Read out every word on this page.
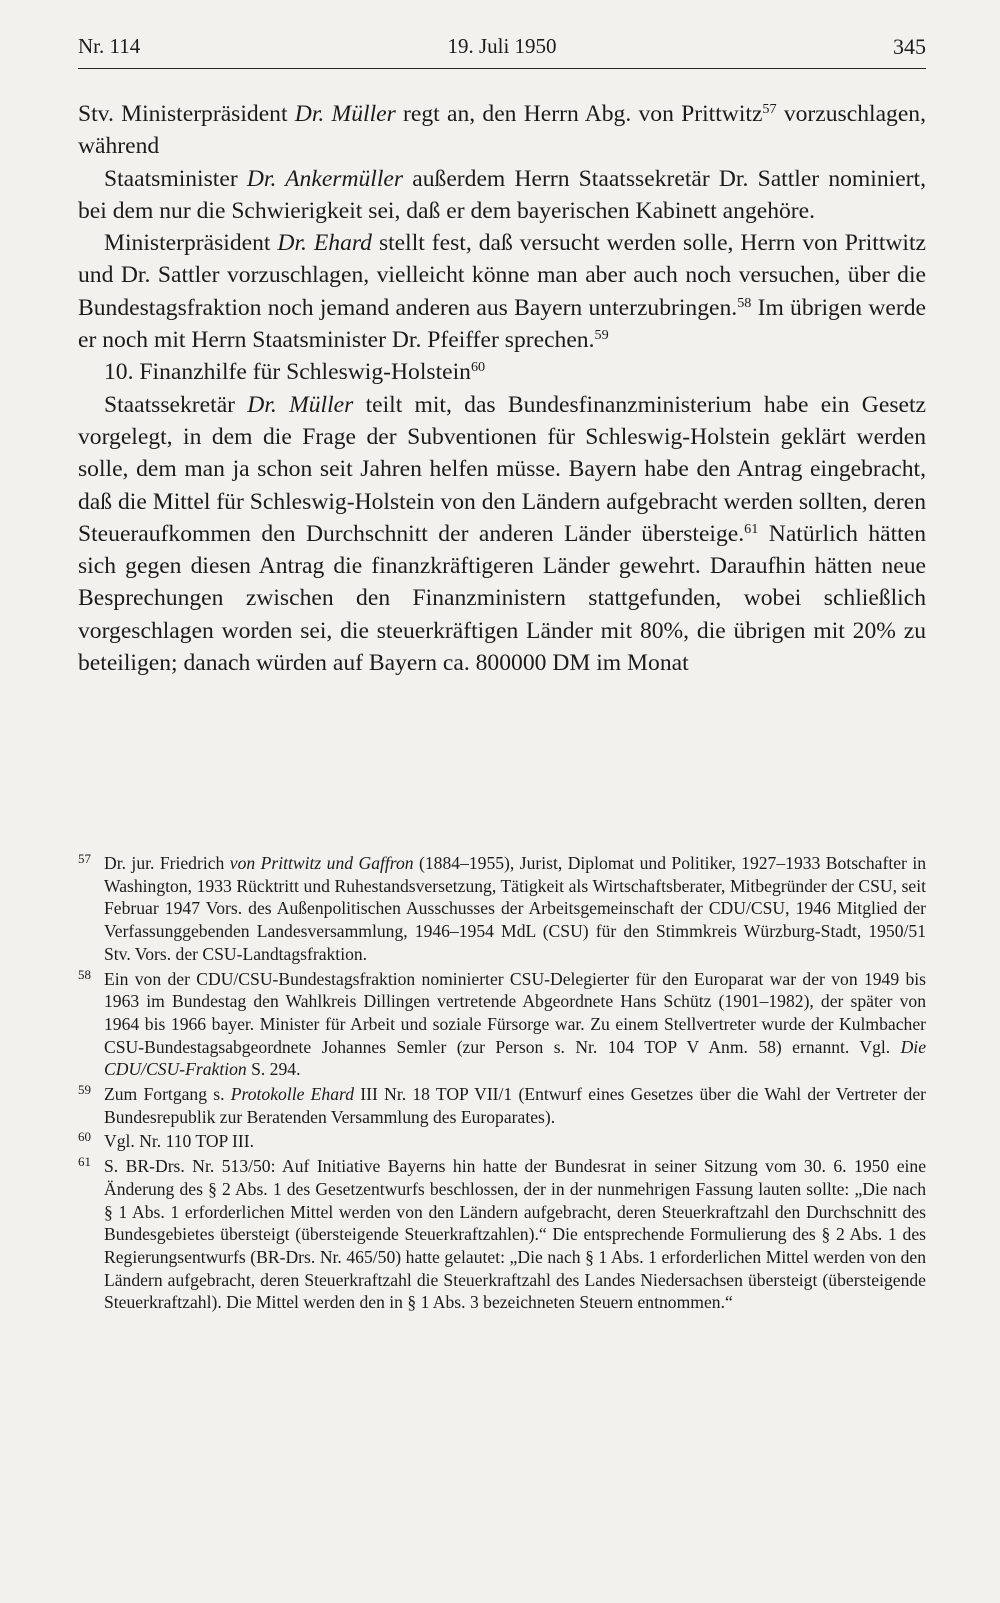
Nr. 114	19. Juli 1950	345

Stv. Ministerpräsident Dr. Müller regt an, den Herrn Abg. von Prittwitz$^{57}$ vorzuschlagen, während

Staatsminister Dr. Ankermüller außerdem Herrn Staatssekretär Dr. Sattler nominiert, bei dem nur die Schwierigkeit sei, daß er dem bayerischen Kabinett angehöre.

Ministerpräsident Dr. Ehard stellt fest, daß versucht werden solle, Herrn von Prittwitz und Dr. Sattler vorzuschlagen, vielleicht könne man aber auch noch versuchen, über die Bundestagsfraktion noch jemand anderen aus Bayern unterzubringen.$^{58}$ Im übrigen werde er noch mit Herrn Staatsminister Dr. Pfeiffer sprechen.$^{59}$

10. Finanzhilfe für Schleswig-Holstein$^{60}$

Staatssekretär Dr. Müller teilt mit, das Bundesfinanzministerium habe ein Gesetz vorgelegt, in dem die Frage der Subventionen für Schleswig-Holstein geklärt werden solle, dem man ja schon seit Jahren helfen müsse. Bayern habe den Antrag eingebracht, daß die Mittel für Schleswig-Holstein von den Ländern aufgebracht werden sollten, deren Steueraufkommen den Durchschnitt der anderen Länder übersteige.$^{61}$ Natürlich hätten sich gegen diesen Antrag die finanzkräftigeren Länder gewehrt. Daraufhin hätten neue Besprechungen zwischen den Finanzministern stattgefunden, wobei schließlich vorgeschlagen worden sei, die steuerkräftigen Länder mit 80%, die übrigen mit 20% zu beteiligen; danach würden auf Bayern ca. 800000 DM im Monat

57 Dr. jur. Friedrich von Prittwitz und Gaffron (1884–1955), Jurist, Diplomat und Politiker, 1927–1933 Botschafter in Washington, 1933 Rücktritt und Ruhestandsversetzung, Tätigkeit als Wirtschaftsberater, Mitbegründer der CSU, seit Februar 1947 Vors. des Außenpolitischen Ausschusses der Arbeitsgemeinschaft der CDU/CSU, 1946 Mitglied der Verfassunggebenden Landesversammlung, 1946–1954 MdL (CSU) für den Stimmkreis Würzburg-Stadt, 1950/51 Stv. Vors. der CSU-Landtagsfraktion.
58 Ein von der CDU/CSU-Bundestagsfraktion nominierter CSU-Delegierter für den Europarat war der von 1949 bis 1963 im Bundestag den Wahlkreis Dillingen vertretende Abgeordnete Hans Schütz (1901–1982), der später von 1964 bis 1966 bayer. Minister für Arbeit und soziale Fürsorge war. Zu einem Stellvertreter wurde der Kulmbacher CSU-Bundestagsabgeordnete Johannes Semler (zur Person s. Nr. 104 TOP V Anm. 58) ernannt. Vgl. Die CDU/CSU-Fraktion S. 294.
59 Zum Fortgang s. Protokolle Ehard III Nr. 18 TOP VII/1 (Entwurf eines Gesetzes über die Wahl der Vertreter der Bundesrepublik zur Beratenden Versammlung des Europarates).
60 Vgl. Nr. 110 TOP III.
61 S. BR-Drs. Nr. 513/50: Auf Initiative Bayerns hin hatte der Bundesrat in seiner Sitzung vom 30. 6. 1950 eine Änderung des § 2 Abs. 1 des Gesetzentwurfs beschlossen, der in der nunmehrigen Fassung lauten sollte: „Die nach § 1 Abs. 1 erforderlichen Mittel werden von den Ländern aufgebracht, deren Steuerkraftzahl den Durchschnitt des Bundesgebietes übersteigt (übersteigende Steuerkraftzahlen).“ Die entsprechende Formulierung des § 2 Abs. 1 des Regierungsentwurfs (BR-Drs. Nr. 465/50) hatte gelautet: „Die nach § 1 Abs. 1 erforderlichen Mittel werden von den Ländern aufgebracht, deren Steuerkraftzahl die Steuerkraftzahl des Landes Niedersachsen übersteigt (übersteigende Steuerkraftzahl). Die Mittel werden den in § 1 Abs. 3 bezeichneten Steuern entnommen.“
